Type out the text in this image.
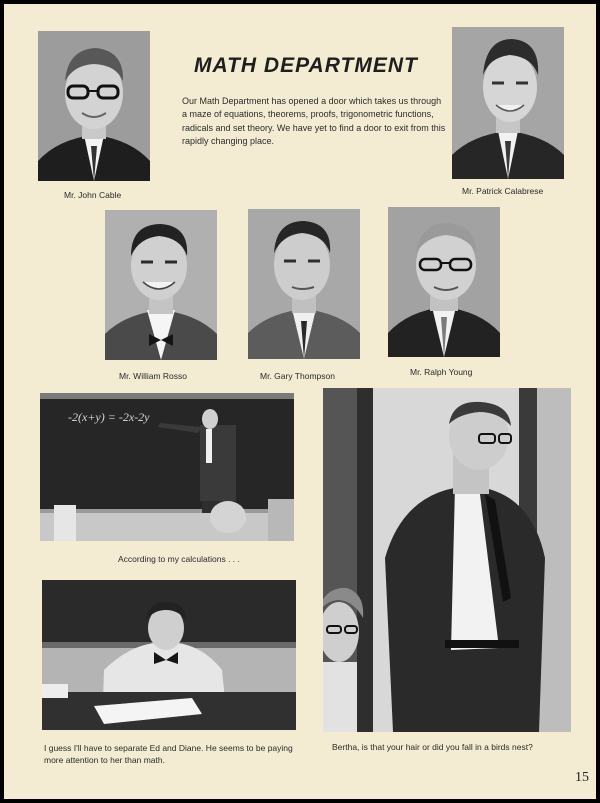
Mr. John Cable	Mr. Patrick Calabrese
MATH DEPARTMENT
Our Math Department has opened a door which takes us through a maze of equations, theorems, proofs, trigonometric functions, radicals and set theory. We have yet to find a door to exit from this rapidly changing place.
Mr. William Rosso	Mr. Gary Thompson	Mr. Ralph Young
-2(x+y) = -2x-2y
According to my calculations . . .
I guess I'll have to separate Ed and Diane. He seems to be paying more attention to her than math.
Bertha, is that your hair or did you fall in a birds nest?
15
